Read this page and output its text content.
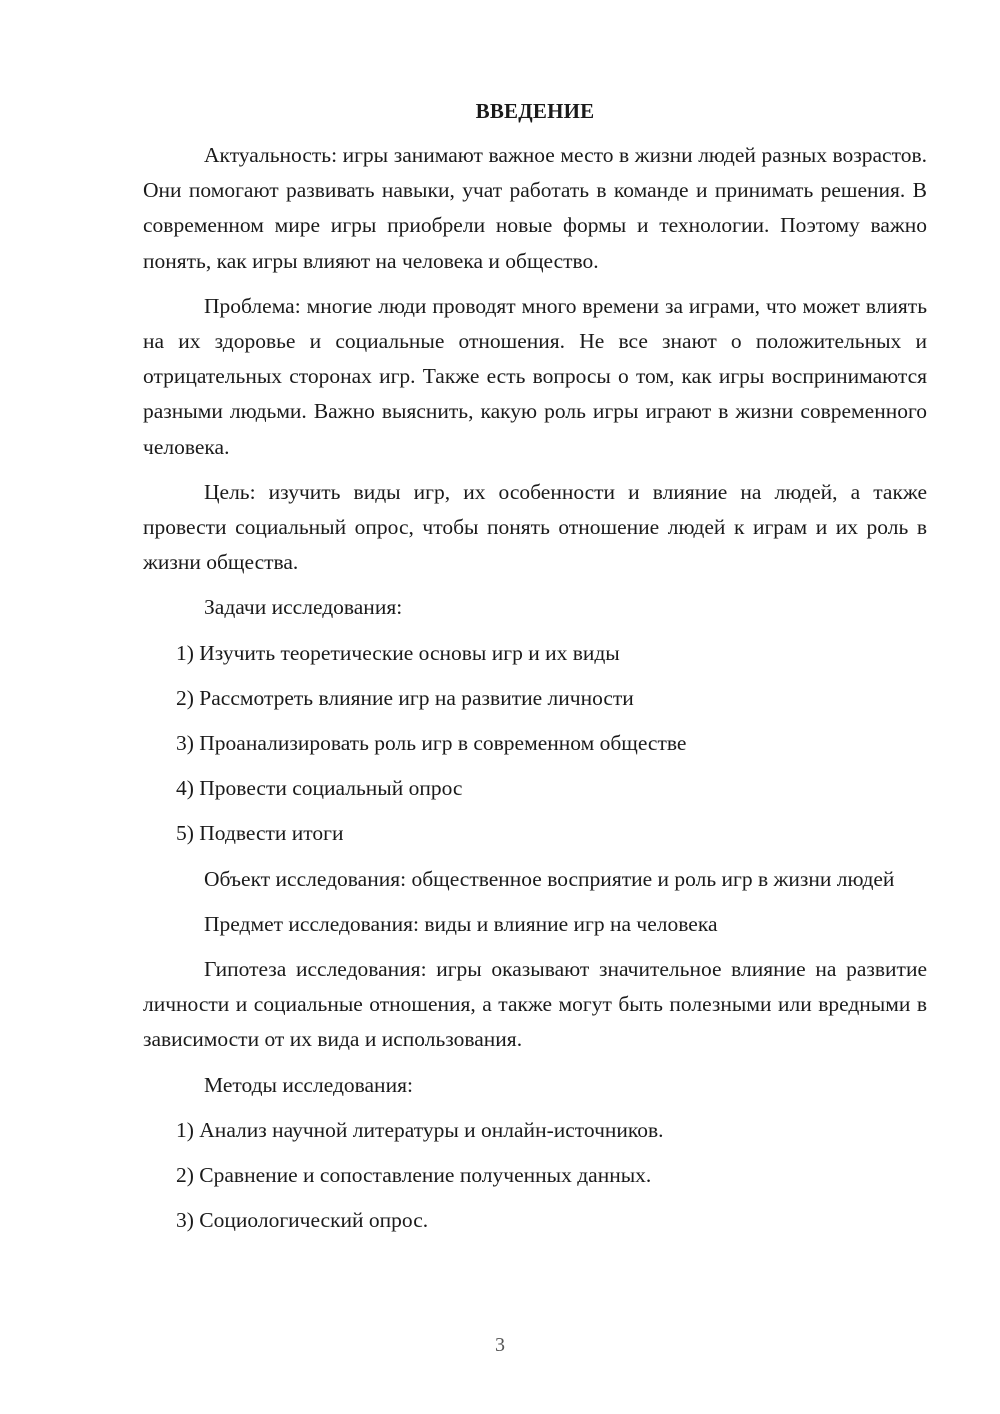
ВВЕДЕНИЕ

Актуальность: игры занимают важное место в жизни людей разных возрастов. Они помогают развивать навыки, учат работать в команде и принимать решения. В современном мире игры приобрели новые формы и технологии. Поэтому важно понять, как игры влияют на человека и общество.

Проблема: многие люди проводят много времени за играми, что может влиять на их здоровье и социальные отношения. Не все знают о положительных и отрицательных сторонах игр. Также есть вопросы о том, как игры воспринимаются разными людьми. Важно выяснить, какую роль игры играют в жизни современного человека.

Цель: изучить виды игр, их особенности и влияние на людей, а также провести социальный опрос, чтобы понять отношение людей к играм и их роль в жизни общества.

Задачи исследования:
1) Изучить теоретические основы игр и их виды
2) Рассмотреть влияние игр на развитие личности
3) Проанализировать роль игр в современном обществе
4) Провести социальный опрос
5) Подвести итоги

Объект исследования: общественное восприятие и роль игр в жизни людей

Предмет исследования: виды и влияние игр на человека

Гипотеза исследования: игры оказывают значительное влияние на развитие личности и социальные отношения, а также могут быть полезными или вредными в зависимости от их вида и использования.

Методы исследования:
1) Анализ научной литературы и онлайн-источников.
2) Сравнение и сопоставление полученных данных.
3) Социологический опрос.
3
